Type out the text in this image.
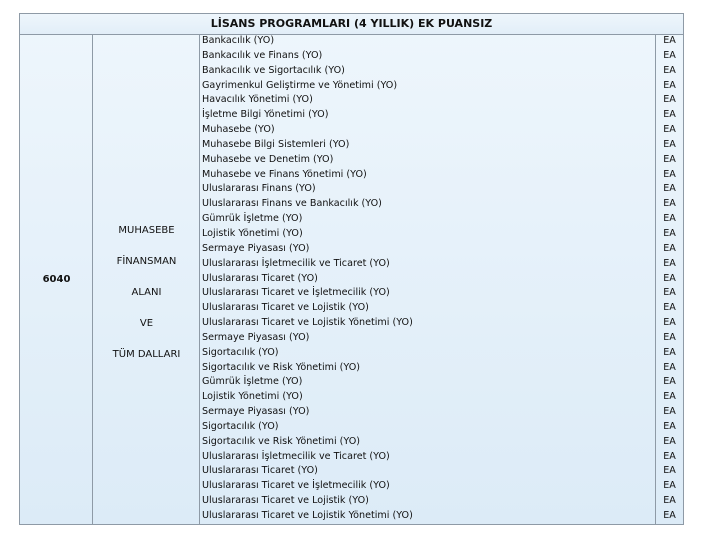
LİSANS PROGRAMLARI (4 YILLIK) EK PUANSIZ
6040
MUHASEBE
FİNANSMAN
ALANI
VE
TÜM DALLARI
Bankacılık (YO)
Bankacılık ve Finans (YO)
Bankacılık ve Sigortacılık (YO)
Gayrimenkul Geliştirme ve Yönetimi (YO)
Havacılık Yönetimi (YO)
İşletme Bilgi Yönetimi (YO)
Muhasebe (YO)
Muhasebe Bilgi Sistemleri (YO)
Muhasebe ve Denetim (YO)
Muhasebe ve Finans Yönetimi (YO)
Uluslararası Finans (YO)
Uluslararası Finans ve Bankacılık (YO)
Gümrük İşletme (YO)
Lojistik Yönetimi (YO)
Sermaye Piyasası (YO)
Uluslararası İşletmecilik ve Ticaret (YO)
Uluslararası Ticaret (YO)
Uluslararası Ticaret ve İşletmecilik (YO)
Uluslararası Ticaret ve Lojistik (YO)
Uluslararası Ticaret ve Lojistik Yönetimi (YO)
Sermaye Piyasası (YO)
Sigortacılık (YO)
Sigortacılık ve Risk Yönetimi (YO)
Gümrük İşletme (YO)
Lojistik Yönetimi (YO)
Sermaye Piyasası (YO)
Sigortacılık (YO)
Sigortacılık ve Risk Yönetimi (YO)
Uluslararası İşletmecilik ve Ticaret (YO)
Uluslararası Ticaret (YO)
Uluslararası Ticaret ve İşletmecilik (YO)
Uluslararası Ticaret ve Lojistik (YO)
Uluslararası Ticaret ve Lojistik Yönetimi (YO)
EA
EA
EA
EA
EA
EA
EA
EA
EA
EA
EA
EA
EA
EA
EA
EA
EA
EA
EA
EA
EA
EA
EA
EA
EA
EA
EA
EA
EA
EA
EA
EA
EA
